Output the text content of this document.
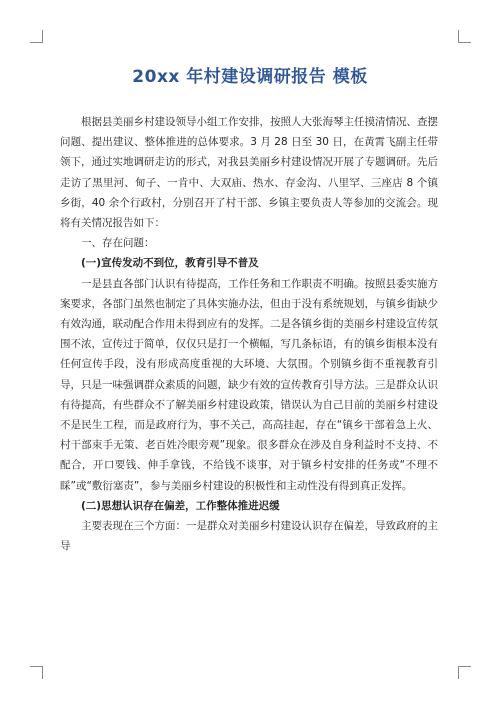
20xx 年村建设调研报告 模板

根据县美丽乡村建设领导小组工作安排，按照人大张海琴主任摸清情况、查摆问题、提出建议、整体推进的总体要求。3 月 28 日至 30 日，在黄霄飞副主任带领下，通过实地调研走访的形式，对我县美丽乡村建设情况开展了专题调研。先后走访了黑里河、甸子、一肯中、大双庙、热水、存金沟、八里罕、三座店 8 个镇乡街，40 余个行政村，分别召开了村干部、乡镇主要负责人等参加的交流会。现将有关情况报告如下：

一、存在问题：

(一)宣传发动不到位，教育引导不普及

一是县直各部门认识有待提高，工作任务和工作职责不明确。按照县委实施方案要求，各部门虽然也制定了具体实施办法，但由于没有系统规划，与镇乡街缺少有效沟通，联动配合作用未得到应有的发挥。二是各镇乡街的美丽乡村建设宣传氛围不浓，宣传过于简单，仅仅只是打一个横幅，写几条标语，有的镇乡街根本没有任何宣传手段，没有形成高度重视的大环境、大氛围。个别镇乡街不重视教育引导，只是一味强调群众素质的问题，缺少有效的宣传教育引导方法。三是群众认识有待提高，有些群众不了解美丽乡村建设政策，错误认为自己目前的美丽乡村建设不是民生工程，而是政府行为，事不关己，高高挂起，存在“镇乡干部着急上火、村干部束手无策、老百姓冷眼旁观”现象。很多群众在涉及自身利益时不支持、不配合，开口要钱、伸手拿钱，不给钱不谈事，对于镇乡村安排的任务或“不理不睬”或“敷衍塞责”，参与美丽乡村建设的积极性和主动性没有得到真正发挥。

(二)思想认识存在偏差，工作整体推进迟缓

主要表现在三个方面：一是群众对美丽乡村建设认识存在偏差，导致政府的主导
